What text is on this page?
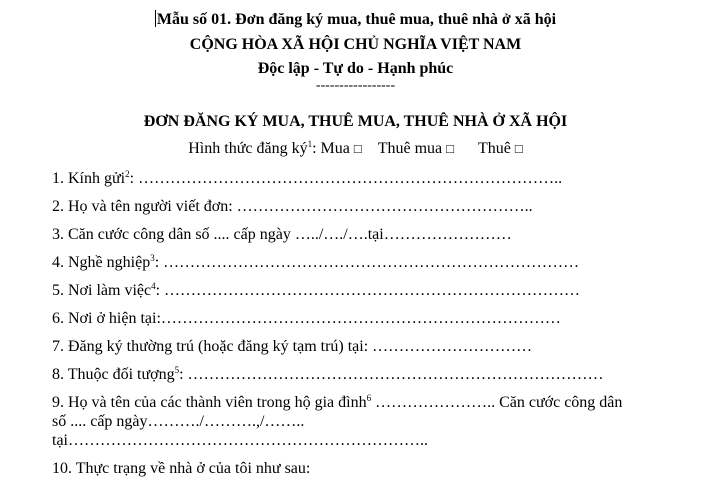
Mẫu số 01. Đơn đăng ký mua, thuê mua, thuê nhà ở xã hội
CỘNG HÒA XÃ HỘI CHỦ NGHĨA VIỆT NAM
Độc lập - Tự do - Hạnh phúc
-----------------
ĐƠN ĐĂNG KÝ MUA, THUÊ MUA, THUÊ NHÀ Ở XÃ HỘI
Hình thức đăng $ký^1$: Mua □ Thuê mua □ Thuê □
1. Kính gửi$^2$: ……………………………………………………………………..
2. Họ và tên người viết đơn: ………………………………………………..
3. Căn cước công dân số .... cấp ngày …../…./….tại……………………
4. Nghề nghiệp$^3$: ……………………………………………………………………
5. Nơi làm việc$^4$: ……………………………………………………………………
6. Nơi ở hiện tại:…………………………………………………………………
7. Đăng ký thường trú (hoặc đăng ký tạm trú) tại: …………………………
8. Thuộc đối tượng$^5$: ……………………………………………………………………
9. Họ và tên của các thành viên trong hộ gia đình$^6$ ………………….. Căn cước công dân
số .... cấp ngày………./……….,/……..
tại…………………………………………………………..
10. Thực trạng về nhà ở của tôi như sau:
